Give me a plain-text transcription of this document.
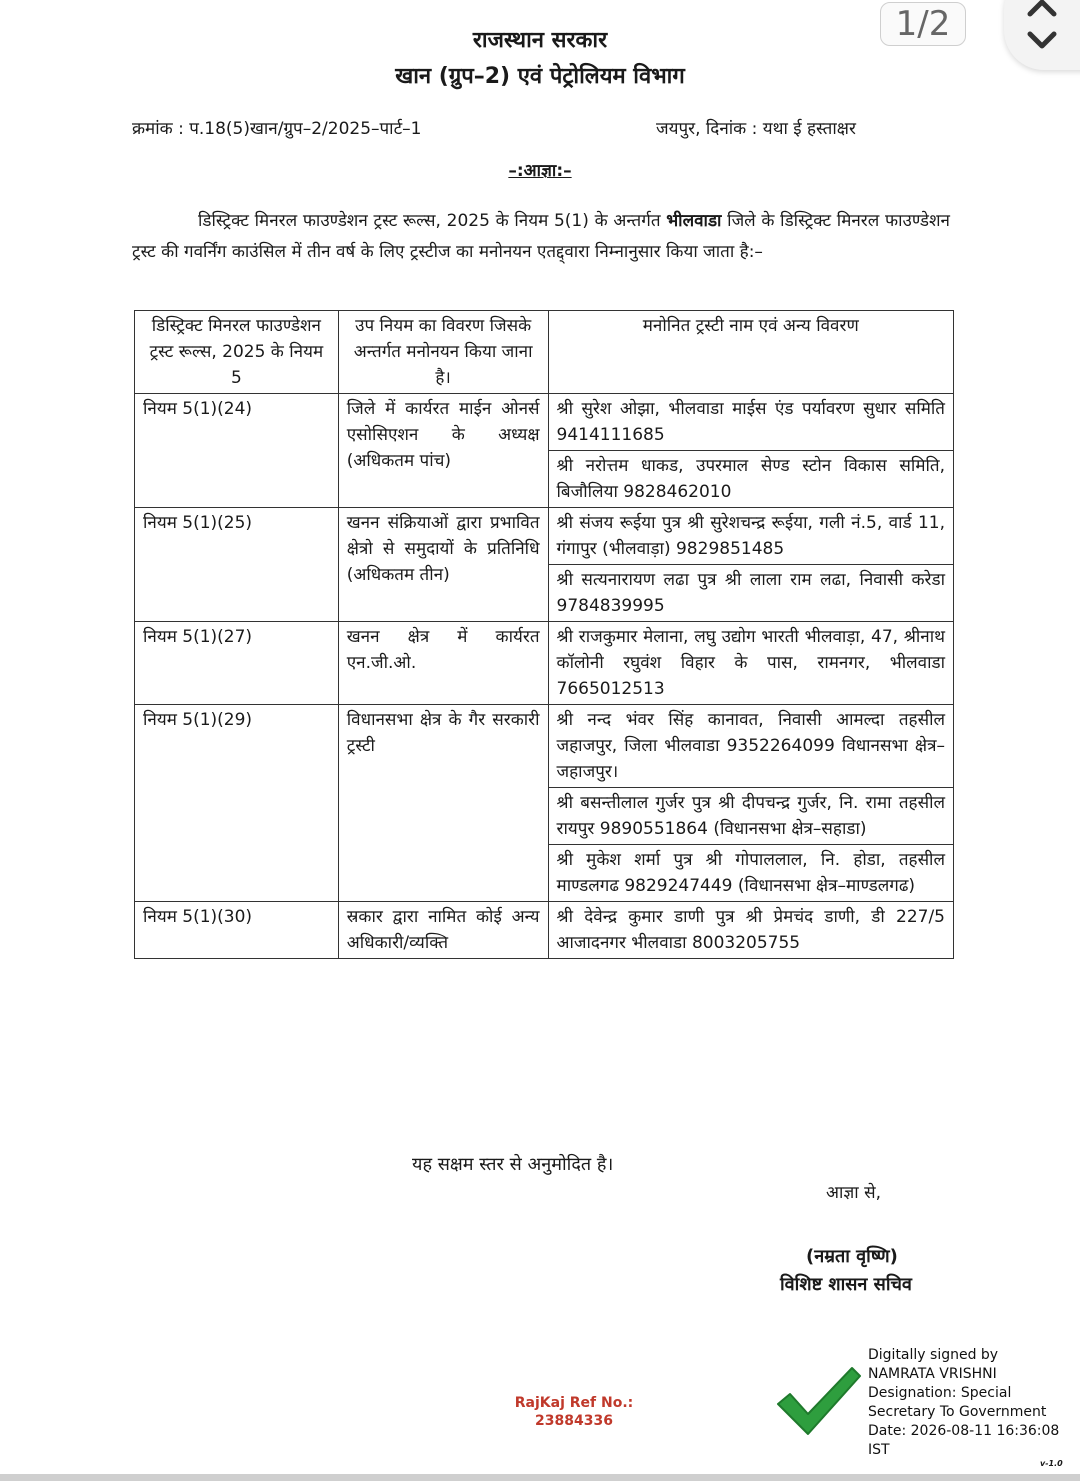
1/2
राजस्थान सरकार
खान (ग्रुप–2) एवं पेट्रोलियम विभाग
क्रमांक : प.18(5)खान/ग्रुप–2/2025–पार्ट–1	जयपुर, दिनांक : यथा ई हस्ताक्षर
–:आज्ञा:–

डिस्ट्रिक्ट मिनरल फाउण्डेशन ट्रस्ट रूल्स, 2025 के नियम 5(1) के अन्तर्गत भीलवाडा जिले के डिस्ट्रिक्ट मिनरल फाउण्डेशन ट्रस्ट की गवर्निंग काउंसिल में तीन वर्ष के लिए ट्रस्टीज का मनोनयन एतद्द्वारा निम्नानुसार किया जाता है:–

डिस्ट्रिक्ट मिनरल फाउण्डेशन ट्रस्ट रूल्स, 2025 के नियम 5	उप नियम का विवरण जिसके अन्तर्गत मनोनयन किया जाना है।	मनोनित ट्रस्टी नाम एवं अन्य विवरण
नियम 5(1)(24)	जिले में कार्यरत माईन ओनर्स एसोसिएशन के अध्यक्ष (अधिकतम पांच)	श्री सुरेश ओझा, भीलवाडा माईस एंड पर्यावरण सुधार समिति 9414111685
		श्री नरोत्तम धाकड, उपरमाल सेण्ड स्टोन विकास समिति, बिजौलिया 9828462010
नियम 5(1)(25)	खनन संक्रियाओं द्वारा प्रभावित क्षेत्रो से समुदायों के प्रतिनिधि (अधिकतम तीन)	श्री संजय रूईया पुत्र श्री सुरेशचन्द्र रूईया, गली नं.5, वार्ड 11, गंगापुर (भीलवाड़ा) 9829851485
		श्री सत्यनारायण लढा पुत्र श्री लाला राम लढा, निवासी करेडा 9784839995
नियम 5(1)(27)	खनन क्षेत्र में कार्यरत एन.जी.ओ.	श्री राजकुमार मेलाना, लघु उद्योग भारती भीलवाड़ा, 47, श्रीनाथ कॉलोनी रघुवंश विहार के पास, रामनगर, भीलवाडा 7665012513
नियम 5(1)(29)	विधानसभा क्षेत्र के गैर सरकारी ट्रस्टी	श्री नन्द भंवर सिंह कानावत, निवासी आमल्दा तहसील जहाजपुर, जिला भीलवाडा 9352264099 विधानसभा क्षेत्र–जहाजपुर।
		श्री बसन्तीलाल गुर्जर पुत्र श्री दीपचन्द्र गुर्जर, नि. रामा तहसील रायपुर 9890551864 (विधानसभा क्षेत्र–सहाडा)
		श्री मुकेश शर्मा पुत्र श्री गोपाललाल, नि. होडा, तहसील माण्डलगढ 9829247449 (विधानसभा क्षेत्र–माण्डलगढ)
नियम 5(1)(30)	स्रकार द्वारा नामित कोई अन्य अधिकारी/व्यक्ति	श्री देवेन्द्र कुमार डाणी पुत्र श्री प्रेमचंद डाणी, डी 227/5 आजादनगर भीलवाडा 8003205755
यह सक्षम स्तर से अनुमोदित है।
आज्ञा से,
(नम्रता वृष्णि)
विशिष्ट शासन सचिव
RajKaj Ref No.:
23884336
Digitally signed by
NAMRATA VRISHNI
Designation: Special
Secretary To Government
Date: 2026-08-11 16:36:08
IST
v-1.0
